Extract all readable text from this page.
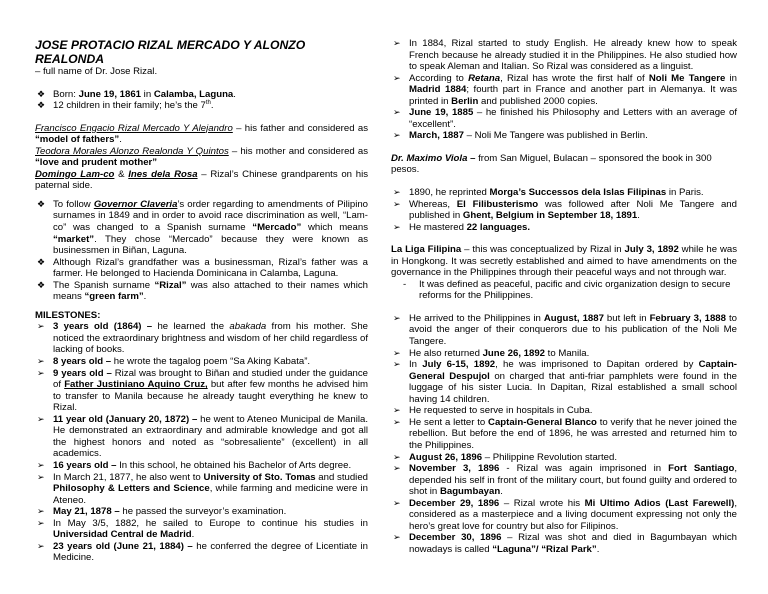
JOSE PROTACIO RIZAL MERCADO Y ALONZO REALONDA

– full name of Dr. Jose Rizal.

❖ Born: June 19, 1861 in Calamba, Laguna.
❖ 12 children in their family; he’s the 7th.

Francisco Engacio Rizal Mercado Y Alejandro – his father and considered as “model of fathers”.

Teodora Morales Alonzo Realonda Y Quintos – his mother and considered as “love and prudent mother”

Domingo Lam-co & Ines dela Rosa – Rizal’s Chinese grandparents on his paternal side.

❖ To follow Governor Claveria’s order regarding to amendments of Pilipino surnames in 1849 and in order to avoid race discrimination as well, “Lam-co” was changed to a Spanish surname “Mercado” which means “market”. They chose “Mercado” because they were known as businessmen in Biñan, Laguna.
❖ Although Rizal’s grandfather was a businessman, Rizal’s father was a farmer. He belonged to Hacienda Dominicana in Calamba, Laguna.
❖ The Spanish surname “Rizal” was also attached to their names which means “green farm”.

MILESTONES:

➢ 3 years old (1864) – he learned the abakada from his mother. She noticed the extraordinary brightness and wisdom of her child regardless of lacking of books.
➢ 8 years old – he wrote the tagalog poem “Sa Aking Kabata”.
➢ 9 years old – Rizal was brought to Biñan and studied under the guidance of Father Justiniano Aquino Cruz, but after few months he advised him to transfer to Manila because he already taught everything he knew to Rizal.
➢ 11 year old (January 20, 1872) – he went to Ateneo Municipal de Manila. He demonstrated an extraordinary and admirable knowledge and got all the highest honors and noted as “sobresaliente” (excellent) in all academics.
➢ 16 years old – In this school, he obtained his Bachelor of Arts degree.
➢ In March 21, 1877, he also went to University of Sto. Tomas and studied Philosophy & Letters and Science, while farming and medicine were in Ateneo.
➢ May 21, 1878 – he passed the surveyor’s examination.
➢ In May 3/5, 1882, he sailed to Europe to continue his studies in Universidad Central de Madrid.
➢ 23 years old (June 21, 1884) – he conferred the degree of Licentiate in Medicine.
➢ In 1884, Rizal started to study English. He already knew how to speak French because he already studied it in the Philippines. He also studied how to speak Aleman and Italian. So Rizal was considered as a linguist.
➢ According to Retana, Rizal has wrote the first half of Noli Me Tangere in Madrid 1884; fourth part in France and another part in Alemanya. It was printed in Berlin and published 2000 copies.
➢ June 19, 1885 – he finished his Philosophy and Letters with an average of “excellent”.
➢ March, 1887 – Noli Me Tangere was published in Berlin.

Dr. Maximo Viola – from San Miguel, Bulacan – sponsored the book in 300 pesos.

➢ 1890, he reprinted Morga’s Successos dela Islas Filipinas in Paris.
➢ Whereas, El Filibusterismo was followed after Noli Me Tangere and published in Ghent, Belgium in September 18, 1891.
➢ He mastered 22 languages.

La Liga Filipina – this was conceptualized by Rizal in July 3, 1892 while he was in Hongkong. It was secretly established and aimed to have amendments on the governance in the Philippines through their peaceful ways and not through war.

- It was defined as peaceful, pacific and civic organization design to secure reforms for the Philippines.

➢ He arrived to the Philippines in August, 1887 but left in February 3, 1888 to avoid the anger of their conquerors due to his publication of the Noli Me Tangere.
➢ He also returned June 26, 1892 to Manila.
➢ In July 6-15, 1892, he was imprisoned to Dapitan ordered by Captain-General Despujol on charged that anti-friar pamphlets were found in the luggage of his sister Lucia. In Dapitan, Rizal established a small school having 14 children.
➢ He requested to serve in hospitals in Cuba.
➢ He sent a letter to Captain-General Blanco to verify that he never joined the rebellion. But before the end of 1896, he was arrested and returned him to the Philippines.
➢ August 26, 1896 – Philippine Revolution started.
➢ November 3, 1896 - Rizal was again imprisoned in Fort Santiago, depended his self in front of the military court, but found guilty and ordered to shot in Bagumbayan.
➢ December 29, 1896 – Rizal wrote his Mi Ultimo Adios (Last Farewell), considered as a masterpiece and a living document expressing not only the hero’s great love for country but also for Filipinos.
➢ December 30, 1896 – Rizal was shot and died in Bagumbayan which nowadays is called “Laguna”/ “Rizal Park”.
